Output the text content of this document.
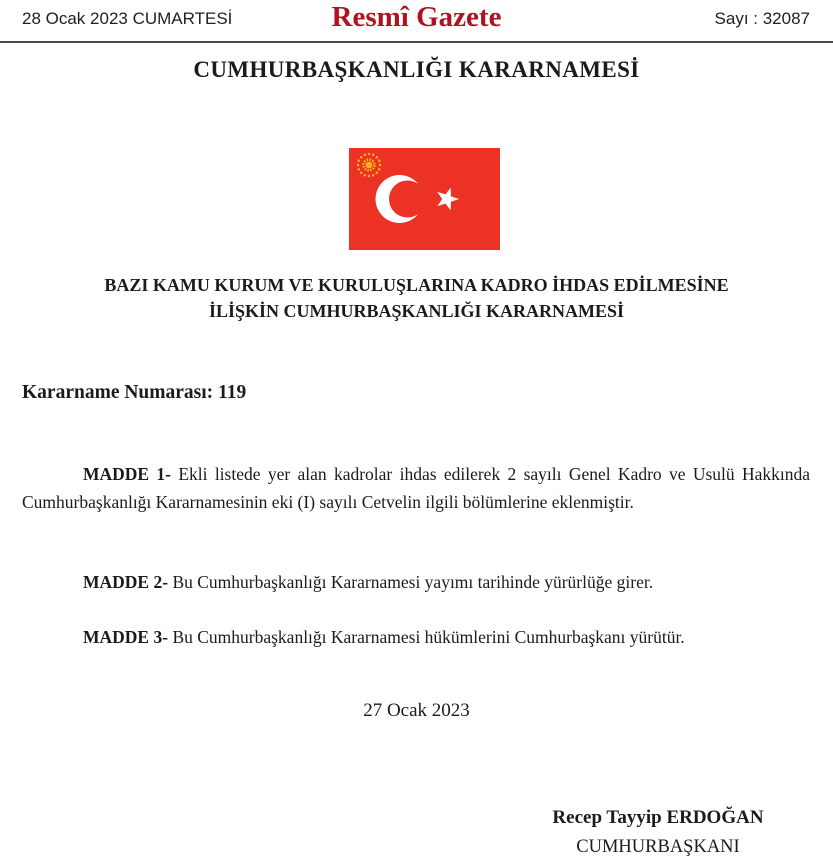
28 Ocak 2023 CUMARTESİ	Resmî Gazete	Sayı : 32087
CUMHURBAŞKANLIĞI KARARNAMESİ
BAZI KAMU KURUM VE KURULUŞLARINA KADRO İHDAS EDİLMESİNE
İLİŞKİN CUMHURBAŞKANLIĞI KARARNAMESİ
Kararname Numarası: 119

MADDE 1- Ekli listede yer alan kadrolar ihdas edilerek 2 sayılı Genel Kadro ve Usulü Hakkında Cumhurbaşkanlığı Kararnamesinin eki (I) sayılı Cetvelin ilgili bölümlerine eklenmiştir.

MADDE 2- Bu Cumhurbaşkanlığı Kararnamesi yayımı tarihinde yürürlüğe girer.

MADDE 3- Bu Cumhurbaşkanlığı Kararnamesi hükümlerini Cumhurbaşkanı yürütür.

27 Ocak 2023
Recep Tayyip ERDOĞAN
CUMHURBAŞKANI
